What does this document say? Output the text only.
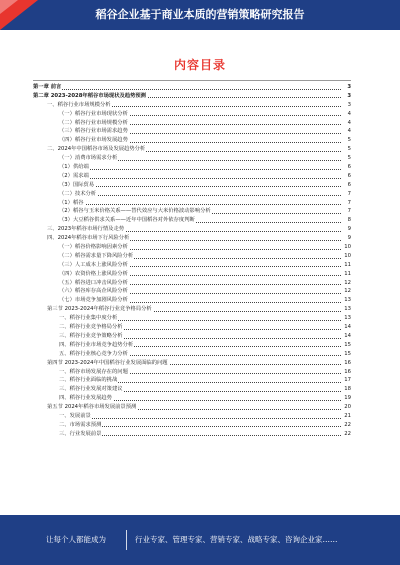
稻谷企业基于商业本质的营销策略研究报告
内容目录
第一章 前言	3
第二章 2023-2028年稻谷市场现状及趋势预测	3
一、稻谷行业市场规模分析	3
（一）稻谷行业市场现状分析	4
（二）稻谷行业市场规模分析	4
（三）稻谷行业市场需求趋势	4
（四）稻谷行业市场发展趋势	5
二、2024年中国稻谷市场及发展趋势分析	5
（一）消费市场需求分析	5
（1）供给端	6
（2）需求端	6
（3）国际贸易	6
（二）技术分析	7
（1）稻谷	7
（2）稻谷与玉米价格关系——替代效应与大米价格波动影响分析	7
（3）大豆稻谷供求关系——近年中国稻谷对外依存度判断	8
三、2023年稻谷市场行情及走势	9
四、2024年稻谷市场下行风险分析	9
（一）稻谷价格影响因素分析	10
（二）稻谷需求量下降风险分析	10
（三）人工成本上涨风险分析	11
（四）农资价格上涨风险分析	11
（五）稻谷进口冲击风险分析	12
（六）稻谷库存高企风险分析	12
（七）市场竞争加剧风险分析	13
第三节 2023-2024年稻谷行业竞争格局分析	13
一、稻谷行业集中度分析	13
二、稻谷行业竞争格局分析	14
三、稻谷行业竞争策略分析	14
四、稻谷行业市场竞争趋势分析	15
五、稻谷行业核心竞争力分析	15
第四节 2023-2024年中国稻谷行业发展面临的问题	16
一、稻谷市场发展存在的问题	16
二、稻谷行业面临的挑战	17
三、稻谷行业发展对策建议	18
四、稻谷行业发展趋势	19
第五节 2024年稻谷市场发展前景预测	20
一、发展前景	21
二、市场需求预测	22
三、行业发展前景	22
让每个人都能成为	行业专家、管理专家、营销专家、战略专家、咨询企业家……
